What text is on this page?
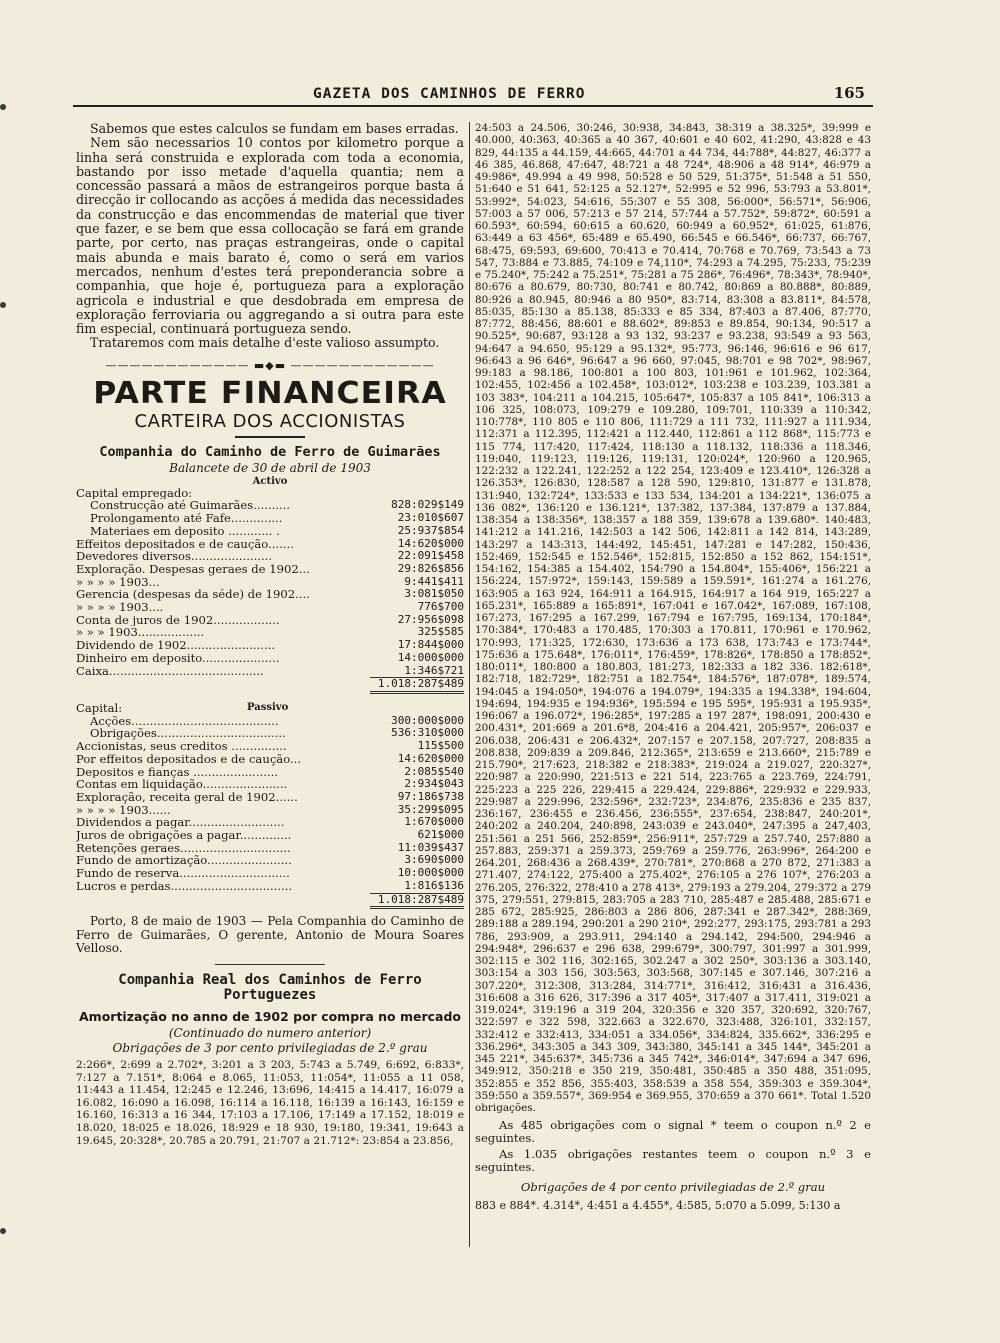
GAZETA DOS CAMINHOS DE FERRO	165

Sabemos que estes calculos se fundam em bases erradas.

Nem são necessarios 10 contos por kilometro porque a linha será construida e explorada com toda a economia, bastando por isso metade d'aquella quantia; nem a concessão passará a mãos de estrangeiros porque basta á direcção ir collocando as acções á medida das necessidades da construcção e das encommendas de material que tiver que fazer, e se bem que essa collocação se fará em grande parte, por certo, nas praças estrangeiras, onde o capital mais abunda e mais barato é, como o será em varios mercados, nenhum d'estes terá preponderancia sobre a companhia, que hoje é, portugueza para a exploração agricola e industrial e que desdobrada em empresa de exploração ferroviaria ou aggregando a si outra para este fim especial, continuará portugueza sendo.

Trataremos com mais detalhe d'este valioso assumpto.

———————————— ▬◆▬ ————————————
PARTE FINANCEIRA
CARTEIRA DOS ACCIONISTAS
Companhia do Caminho de Ferro de Guimarães
Balancete de 30 de abril de 1903
Activo
Capital empregado:
Construcção até Guimarães..........	828:029$149
Prolongamento até Fafe..............	23:010$607
Materiaes em deposito ............ .	25:937$854
Effeitos depositados e de caução.......	14:620$000
Devedores diversos......................	22:091$458
Exploração. Despesas geraes de 1902...	29:826$856
» » » » 1903...	9:441$411
Gerencia (despesas da séde) de 1902....	3:081$050
» » » » 1903....	776$700
Conta de juros de 1902..................	27:956$098
» » » 1903..................	325$585
Dividendo de 1902........................	17:844$000
Dinheiro em deposito.....................	14:000$000
Caixa..........................................	1:346$721
1.018:287$489
Capital:	Passivo
Acções........................................	300:000$000
Obrigações...................................	536:310$000
Accionistas, seus creditos ...............	115$500
Por effeitos depositados e de caução...	14:620$000
Depositos e fianças .......................	2:085$540
Contas em liquidação.......................	2:934$043
Exploração, receita geral de 1902......	97:186$738
» » » » 1903......	35:299$095
Dividendos a pagar..........................	1:670$000
Juros de obrigações a pagar..............	621$000
Retenções geraes..............................	11:039$437
Fundo de amortização.......................	3:690$000
Fundo de reserva..............................	10:000$000
Lucros e perdas.................................	1:816$136
1.018:287$489

Porto, 8 de maio de 1903 — Pela Companhia do Caminho de Ferro de Guimarães, O gerente, Antonio de Moura Soares Velloso.

Companhia Real dos Caminhos de Ferro Portuguezes
Amortização no anno de 1902 por compra no mercado
(Continuado do numero anterior)
Obrigações de 3 por cento privilegiadas de 2.º grau

2:266*, 2:699 a 2.702*, 3:201 a 3 203, 5:743 a 5.749, 6:692, 6:833*, 7:127 a 7.151*, 8:064 e 8.065, 11:053, 11:054*, 11:055 a 11 058, 11:443 a 11.454, 12:245 e 12.246, 13:696, 14:415 a 14.417, 16:079 a 16.082, 16:090 a 16.098, 16:114 a 16.118, 16:139 a 16:143, 16:159 e 16.160, 16:313 a 16 344, 17:103 a 17.106, 17:149 a 17.152, 18:019 e 18.020, 18:025 e 18.026, 18:929 e 18 930, 19:180, 19:341, 19:643 a 19.645, 20:328*, 20.785 a 20.791, 21:707 a 21.712*: 23:854 a 23.856,

24:503 a 24.506, 30:246, 30:938, 34:843, 38:319 a 38.325*, 39:999 e 40.000, 40:363, 40:365 a 40 367, 40:601 e 40 602, 41:290, 43:828 e 43 829, 44:135 a 44.159, 44:665, 44:701 a 44 734, 44:788*, 44:827, 46:377 a 46 385, 46.868, 47:647, 48:721 a 48 724*, 48:906 a 48 914*, 46:979 a 49:986*, 49.994 a 49 998, 50:528 e 50 529, 51:375*, 51:548 a 51 550, 51:640 e 51 641, 52:125 a 52.127*, 52:995 e 52 996, 53:793 a 53.801*, 53:992*, 54:023, 54:616, 55:307 e 55 308, 56:000*, 56:571*, 56:906, 57:003 a 57 006, 57:213 e 57 214, 57:744 a 57.752*, 59:872*, 60:591 a 60.593*, 60:594, 60:615 a 60.620, 60:949 a 60.952*, 61:025, 61:876, 63:449 a 63 456*, 65:489 e 65.490, 66:545 e 66.546*, 66:737, 66:767, 68:475, 69:593, 69:600, 70:413 e 70.414, 70:768 e 70.769, 73:543 a 73 547, 73:884 e 73.885, 74:109 e 74,110*, 74:293 a 74.295, 75:233, 75:239 e 75.240*, 75:242 a 75.251*, 75:281 a 75 286*, 76:496*, 78:343*, 78:940*, 80:676 a 80.679, 80:730, 80:741 e 80.742, 80:869 a 80.888*, 80:889, 80:926 a 80.945, 80:946 a 80 950*, 83:714, 83:308 a 83.811*, 84:578, 85:035, 85:130 a 85.138, 85:333 e 85 334, 87:403 a 87.406, 87:770, 87:772, 88:456, 88:601 e 88.602*, 89:853 e 89.854, 90:134, 90:517 a 90.525*, 90:687, 93:128 a 93 132, 93:237 e 93.238, 93:549 a 93 563, 94:647 a 94.650, 95:129 a 95.132*, 95:773, 96:146, 96:616 e 96 617, 96:643 a 96 646*, 96:647 a 96 660, 97:045, 98:701 e 98 702*, 98:967, 99:183 a 98.186, 100:801 a 100 803, 101:961 e 101.962, 102:364, 102:455, 102:456 a 102.458*, 103:012*, 103:238 e 103.239, 103.381 a 103 383*, 104:211 a 104.215, 105:647*, 105:837 a 105 841*, 106:313 a 106 325, 108:073, 109:279 e 109.280, 109:701, 110:339 a 110:342, 110:778*, 110 805 e 110 806, 111:729 a 111 732, 111:927 a 111.934, 112:371 a 112.395, 112:421 a 112.440, 112:861 a 112 868*, 115:773 e 115 774, 117:420, 117:424, 118:130 a 118.132, 118:336 a 118.346, 119:040, 119:123, 119:126, 119:131, 120:024*, 120:960 a 120.965, 122:232 a 122.241, 122:252 a 122 254, 123:409 e 123.410*, 126:328 a 126.353*, 126:830, 128:587 a 128 590, 129:810, 131:877 e 131.878, 131:940, 132:724*, 133:533 e 133 534, 134:201 a 134:221*, 136:075 a 136 082*, 136:120 e 136.121*, 137:382, 137:384, 137:879 a 137.884, 138:354 a 138:356*, 138:357 a 188 359, 139:678 a 139.680*. 140:483, 141:212 a 141.216, 142:503 a 142 506, 142:811 a 142 814, 143:289, 143:297 a 143:313, 144:492, 145:451, 147:281 e 147:282, 150:436, 152:469, 152:545 e 152.546*, 152:815, 152:850 a 152 862, 154:151*, 154:162, 154:385 a 154.402, 154:790 a 154.804*, 155:406*, 156:221 a 156:224, 157:972*, 159:143, 159:589 a 159.591*, 161:274 a 161.276, 163:905 a 163 924, 164:911 a 164.915, 164:917 a 164 919, 165:227 a 165.231*, 165:889 a 165:891*, 167:041 e 167.042*, 167:089, 167:108, 167:273, 167:295 a 167.299, 167:794 e 167:795, 169:134, 170:184*, 170:384*, 170:483 a 170.485, 170:303 a 170.811, 170:961 e 170.962, 170:993, 171:325, 172:630, 173:636 a 173 638, 173:743 e 173:744*, 175:636 a 175.648*, 176:011*, 176:459*, 178:826*, 178:850 a 178:852*, 180:011*, 180:800 a 180.803, 181:273, 182:333 a 182 336. 182:618*, 182:718, 182:729*, 182:751 a 182.754*, 184:576*, 187:078*, 189:574, 194:045 a 194:050*, 194:076 a 194.079*, 194:335 a 194.338*, 194:604, 194:694, 194:935 e 194:936*, 195:594 e 195 595*, 195:931 a 195.935*, 196:067 a 196.072*, 196:285*, 197:285 a 197 287*, 198:091, 200:430 e 200.431*, 201:669 a 201.6*8, 204:416 a 204.421, 205:957*, 206:037 e 206.038, 206:431 e 206.432*, 207:157 e 207.158, 207:727, 208:835 a 208.838, 209:839 a 209.846, 212:365*, 213:659 e 213.660*, 215:789 e 215.790*, 217:623, 218:382 e 218:383*, 219:024 a 219.027, 220:327*, 220:987 a 220:990, 221:513 e 221 514, 223:765 a 223.769, 224:791, 225:223 a 225 226, 229:415 a 229.424, 229:886*, 229:932 e 229.933, 229:987 a 229:996, 232:596*, 232:723*, 234:876, 235:836 e 235 837, 236:167, 236:455 e 236.456, 236:555*, 237:654, 238:847, 240:201*, 240:202 a 240.204, 240:898, 243:039 e 243.040*, 247:395 a 247,403, 251:561 a 251 566, 252:859*, 256:911*, 257:729 a 257.740, 257:880 a 257.883, 259:371 a 259.373, 259:769 a 259.776, 263:996*, 264:200 e 264.201, 268:436 a 268.439*, 270:781*, 270:868 a 270 872, 271:383 a 271.407, 274:122, 275:400 a 275.402*, 276:105 a 276 107*, 276:203 a 276.205, 276:322, 278:410 a 278 413*, 279:193 a 279.204, 279:372 a 279 375, 279:551, 279:815, 283:705 a 283 710, 285:487 e 285.488, 285:671 e 285 672, 285:925, 286:803 a 286 806, 287:341 e 287.342*, 288:369, 289:188 a 289.194, 290:201 a 290 210*, 292:277, 293:175, 293:781 a 293 786, 293:909, a 293.911, 294:140 a 294.142, 294:500, 294:946 a 294:948*, 296:637 e 296 638, 299:679*, 300:797, 301:997 a 301.999, 302:115 e 302 116, 302:165, 302.247 a 302 250*, 303:136 a 303.140, 303:154 a 303 156, 303:563, 303:568, 307:145 e 307.146, 307:216 a 307.220*, 312:308, 313:284, 314:771*, 316:412, 316:431 a 316.436, 316:608 a 316 626, 317:396 a 317 405*, 317:407 a 317.411, 319:021 a 319.024*, 319:196 a 319 204, 320:356 e 320 357, 320:692, 320:767, 322:597 e 322 598, 322.663 a 322.670, 323:488, 326:101, 332:157, 332:412 e 332:413, 334:051 a 334.056*, 334:824, 335.662*, 336:295 e 336.296*, 343:305 a 343 309, 343:380, 345:141 a 345 144*, 345:201 a 345 221*, 345:637*, 345:736 a 345 742*, 346:014*, 347:694 a 347 696, 349:912, 350:218 e 350 219, 350:481, 350:485 a 350 488, 351:095, 352:855 e 352 856, 355:403, 358:539 a 358 554, 359:303 e 359.304*, 359:550 a 359.557*, 369:954 e 369.955, 370:659 a 370 661*. Total 1.520 obrigações.

As 485 obrigações com o signal * teem o coupon n.º 2 e seguintes.

As 1.035 obrigações restantes teem o coupon n.º 3 e seguintes.

Obrigações de 4 por cento privilegiadas de 2.º grau

883 e 884*. 4.314*, 4:451 a 4.455*, 4:585, 5:070 a 5.099, 5:130 a
